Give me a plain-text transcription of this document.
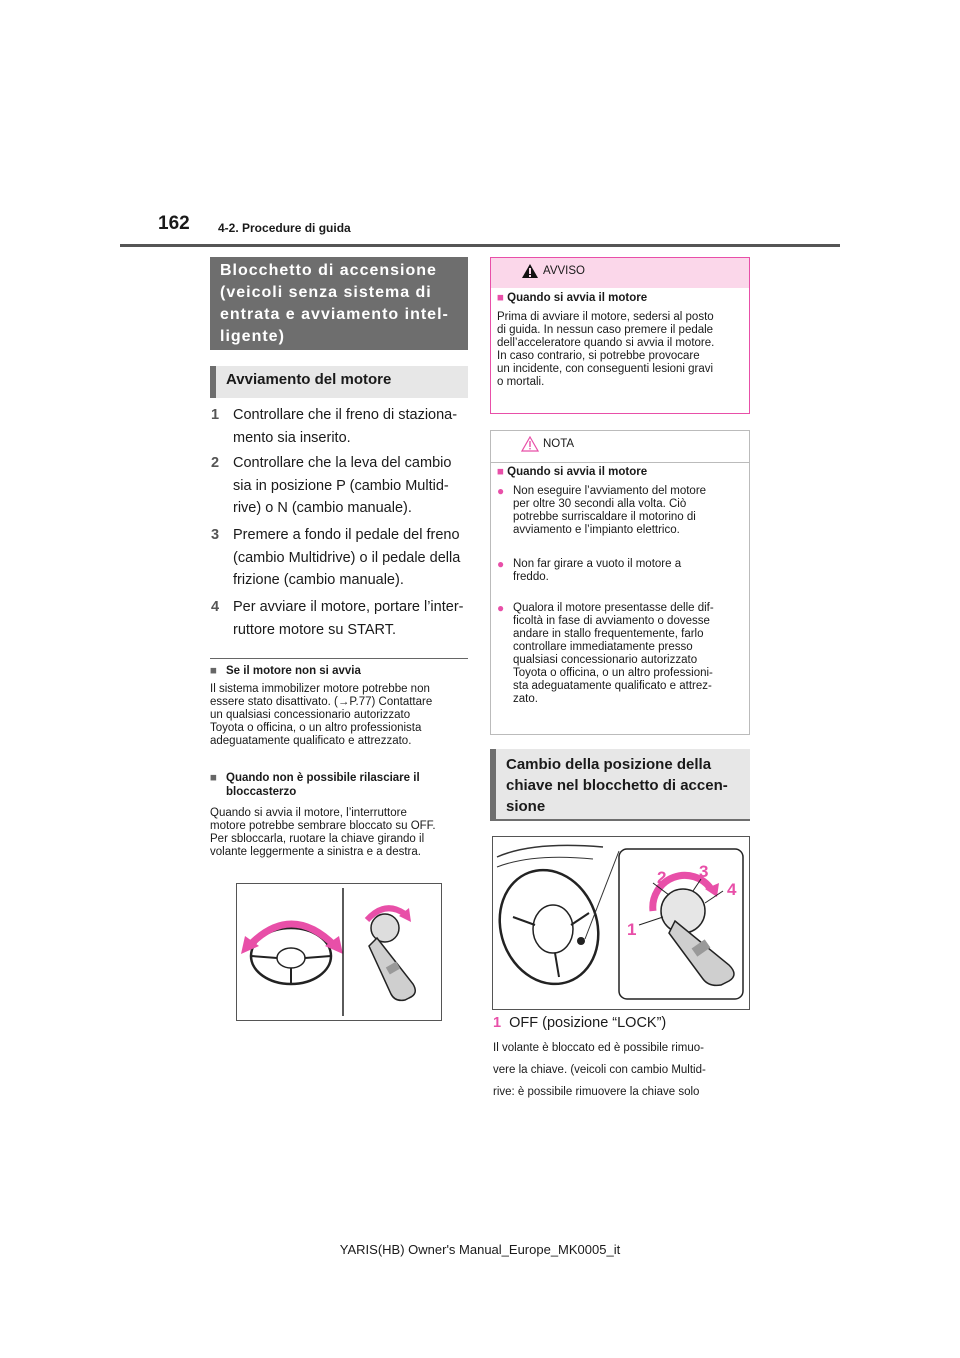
162 4-2. Procedure di guida
Blocchetto di accensione
(veicoli senza sistema di
entrata e avviamento intel-
ligente)
Avviamento del motore
1 Controllare che il freno di staziona-
mento sia inserito.
2 Controllare che la leva del cambio
sia in posizione P (cambio Multid-
rive) o N (cambio manuale).
3 Premere a fondo il pedale del freno
(cambio Multidrive) o il pedale della
frizione (cambio manuale).
4 Per avviare il motore, portare l’inter-
ruttore motore su START.
■ Se il motore non si avvia
Il sistema immobilizer motore potrebbe non
essere stato disattivato. (→P.77) Contattare
un qualsiasi concessionario autorizzato
Toyota o officina, o un altro professionista
adeguatamente qualificato e attrezzato.
■ Quando non è possibile rilasciare il
bloccasterzo
Quando si avvia il motore, l’interruttore
motore potrebbe sembrare bloccato su OFF.
Per sbloccarla, ruotare la chiave girando il
volante leggermente a sinistra e a destra.
AVVISO
■ Quando si avvia il motore
Prima di avviare il motore, sedersi al posto
di guida. In nessun caso premere il pedale
dell’acceleratore quando si avvia il motore.
In caso contrario, si potrebbe provocare
un incidente, con conseguenti lesioni gravi
o mortali.
NOTA
■ Quando si avvia il motore
● Non eseguire l’avviamento del motore
per oltre 30 secondi alla volta. Ciò
potrebbe surriscaldare il motorino di
avviamento e l’impianto elettrico.
● Non far girare a vuoto il motore a
freddo.
● Qualora il motore presentasse delle dif-
ficoltà in fase di avviamento o dovesse
andare in stallo frequentemente, farlo
controllare immediatamente presso
qualsiasi concessionario autorizzato
Toyota o officina, o un altro professioni-
sta adeguatamente qualificato e attrez-
zato.
Cambio della posizione della
chiave nel blocchetto di accen-
sione
1
2 3
4
1 OFF (posizione “LOCK”)
Il volante è bloccato ed è possibile rimuo-
vere la chiave. (veicoli con cambio Multid-
rive: è possibile rimuovere la chiave solo
YARIS(HB) Owner's Manual_Europe_MK0005_it
